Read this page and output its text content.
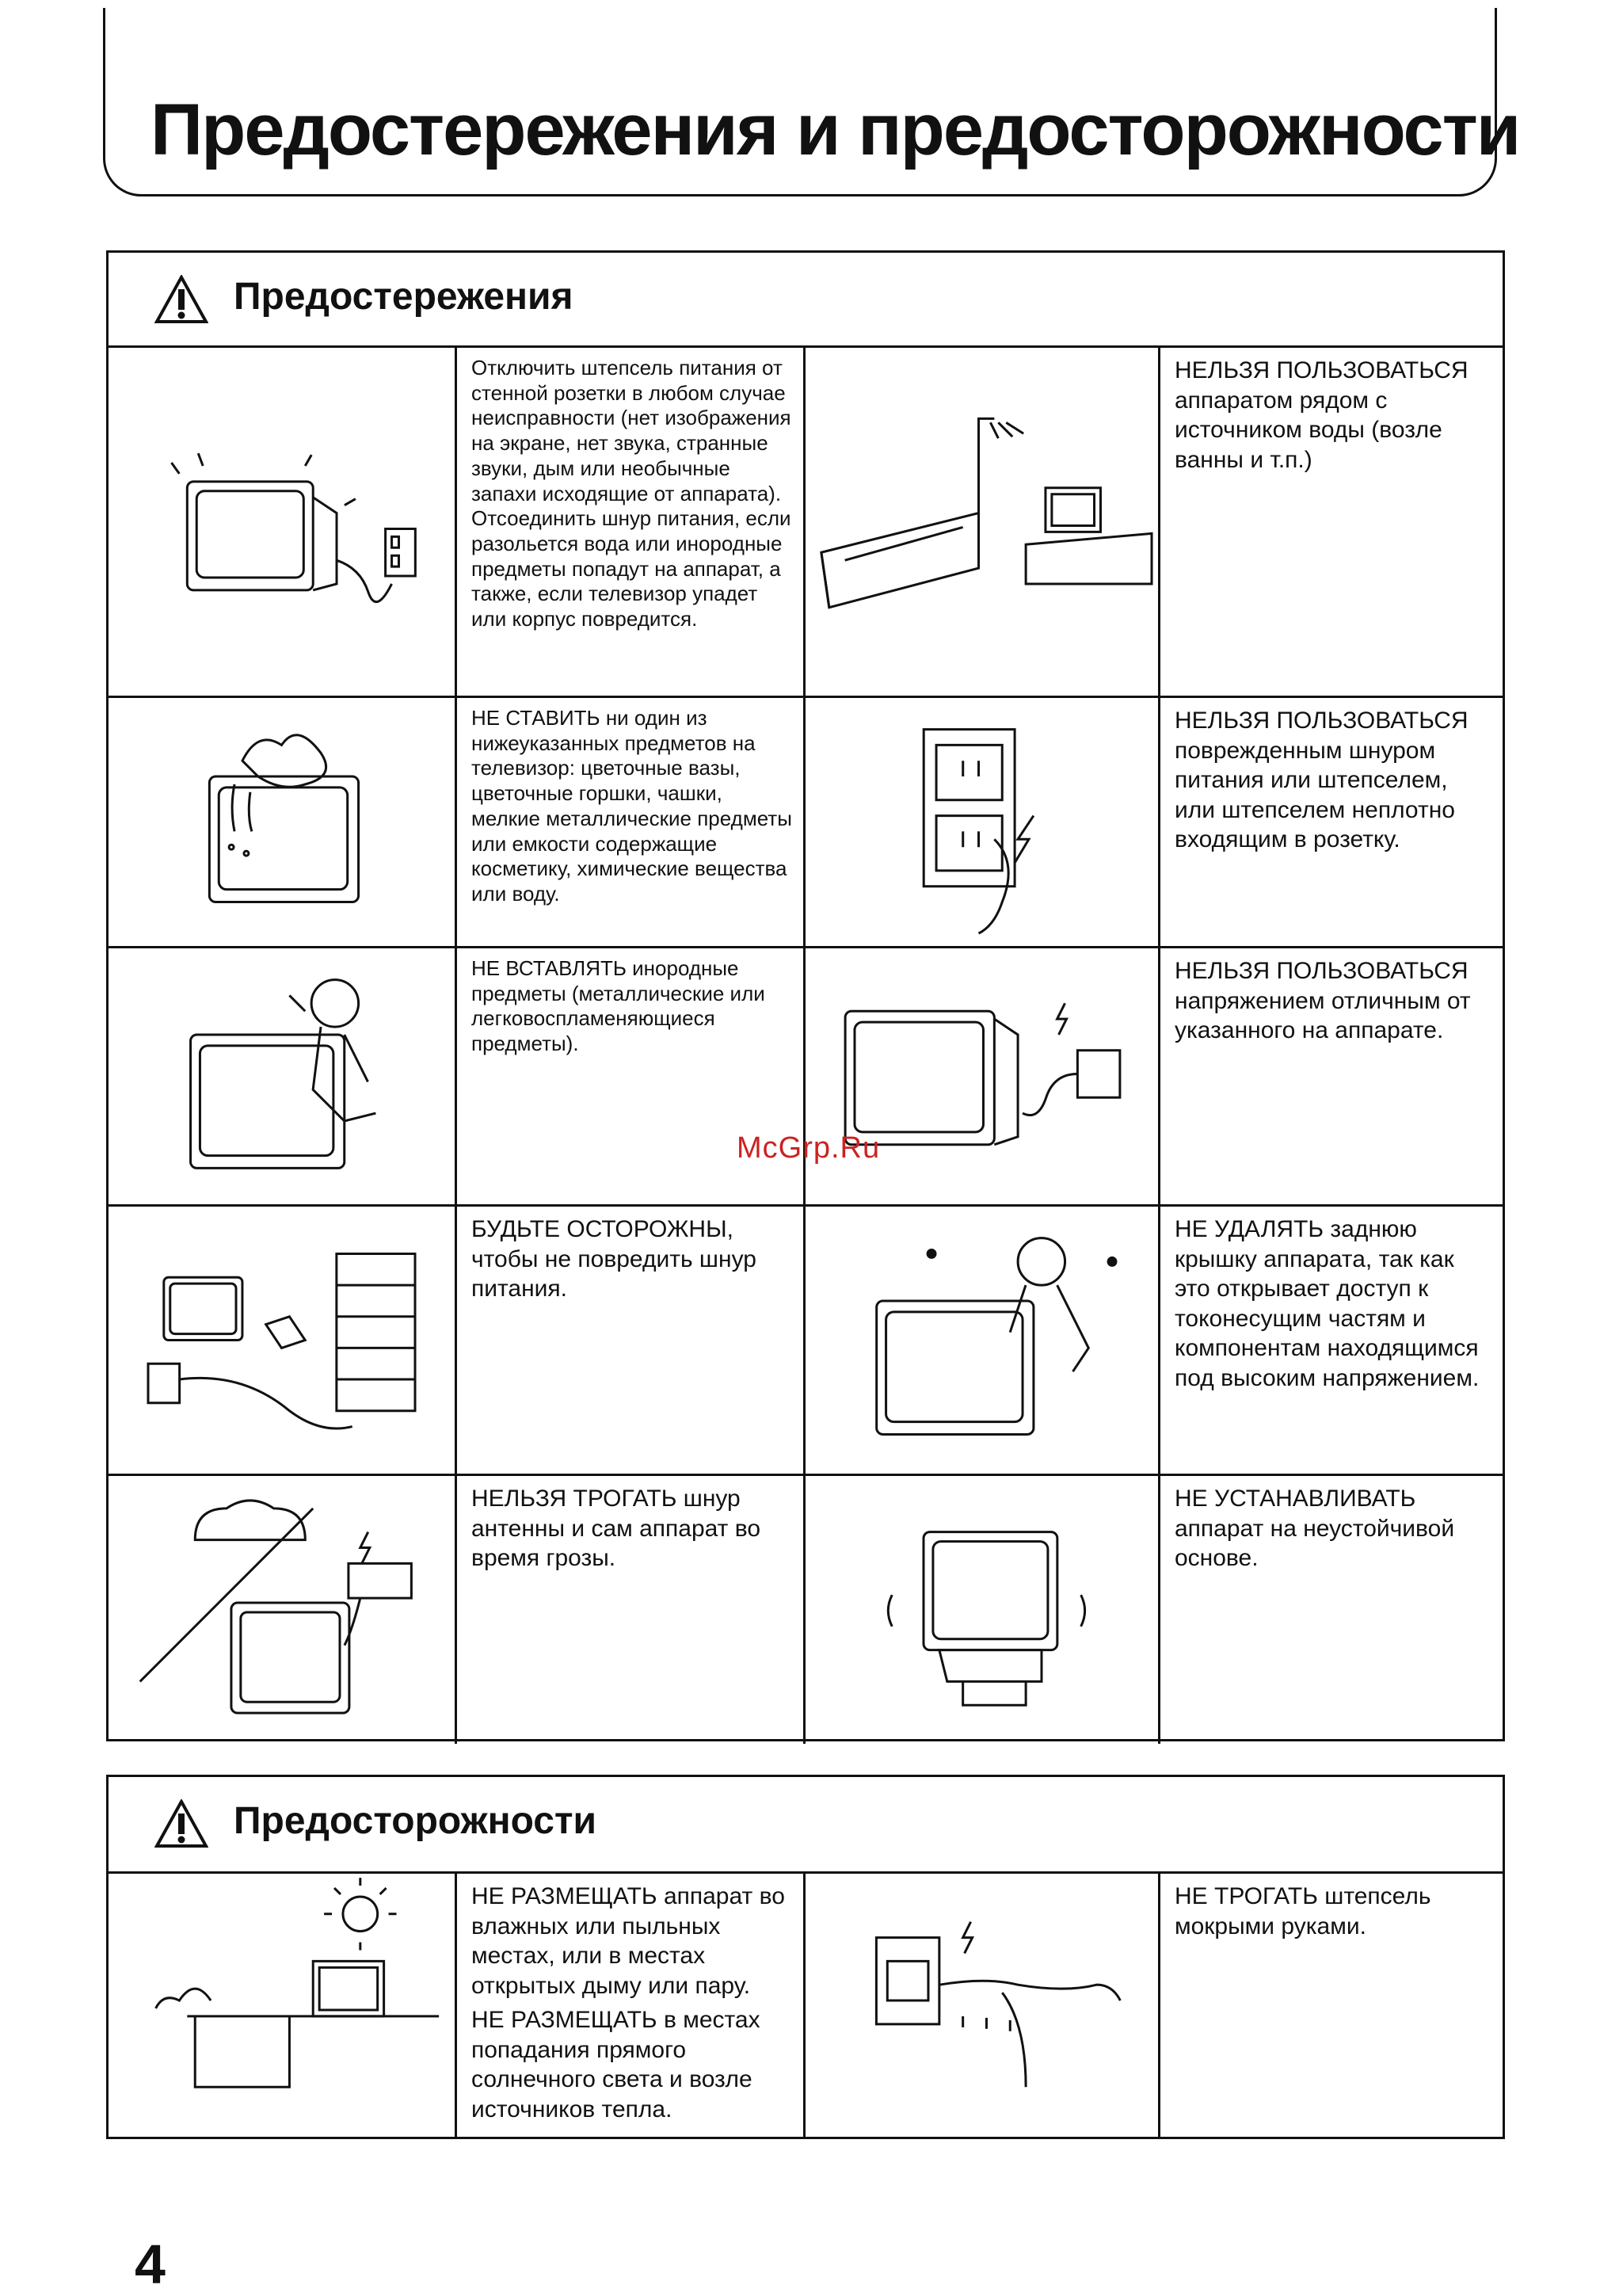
Предостережения и предосторожности
Предостережения
Отключить штепсель питания от стенной розетки в любом случае неисправности (нет изображения на экране, нет звука, странные звуки, дым или необычные запахи исходящие от аппарата). Отсоединить шнур питания, если разольется вода или инородные предметы попадут на аппарат, а также, если телевизор упадет или корпус повредится.
НЕЛЬЗЯ ПОЛЬЗОВАТЬСЯ аппаратом рядом с источником воды (возле ванны и т.п.)
НЕ СТАВИТЬ ни один из нижеуказанных предметов на телевизор: цветочные вазы, цветочные горшки, чашки, мелкие металлические предметы или емкости содержащие косметику, химические вещества или воду.
НЕЛЬЗЯ ПОЛЬЗОВАТЬСЯ поврежденным шнуром питания или штепселем, или штепселем неплотно входящим в розетку.
НЕ ВСТАВЛЯТЬ инородные предметы (металлические или легковоспламеняющиеся предметы).
НЕЛЬЗЯ ПОЛЬЗОВАТЬСЯ напряжением отличным от указанного на аппарате.
БУДЬТЕ ОСТОРОЖНЫ, чтобы не повредить шнур питания.
НЕ УДАЛЯТЬ заднюю крышку аппарата, так как это открывает доступ к токонесущим частям и компонентам находящимся под высоким напряжением.
НЕЛЬЗЯ ТРОГАТЬ шнур антенны и сам аппарат во время грозы.
НЕ УСТАНАВЛИВАТЬ аппарат на неустойчивой основе.
Предосторожности

НЕ РАЗМЕЩАТЬ аппарат во влажных или пыльных местах, или в местах открытых дыму или пару.

НЕ РАЗМЕЩАТЬ в местах попадания прямого солнечного света и возле источников тепла.

НЕ ТРОГАТЬ штепсель мокрыми руками.
McGrp.Ru
4
